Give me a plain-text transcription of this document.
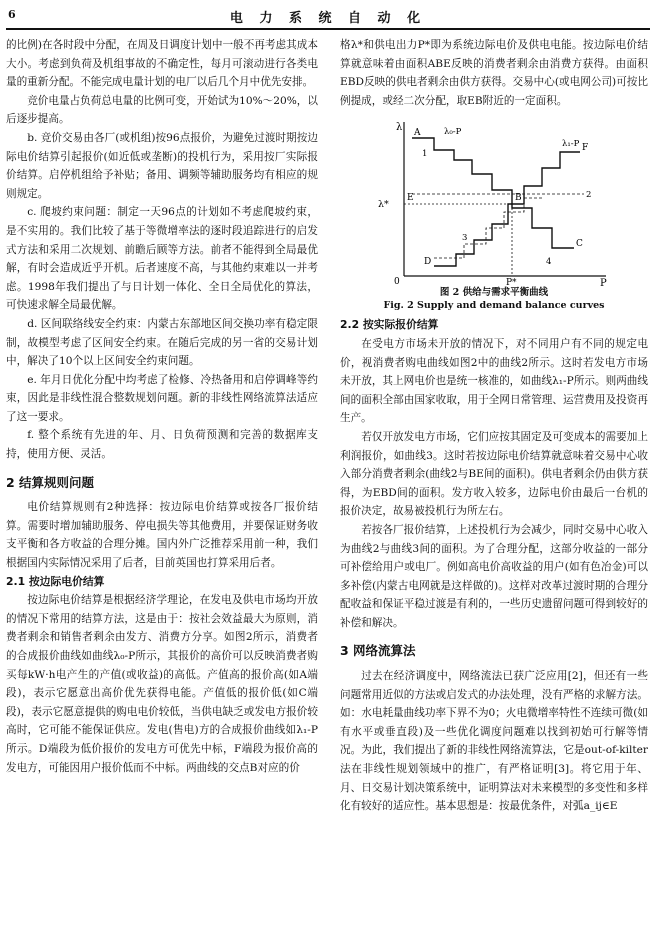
6	电 力 系 统 自 动 化

的比例)在各时段中分配，在周及日调度计划中一般不再考虑其成本大小。考虑到负荷及机组事故的不确定性，每月可滚动进行各类电量的重新分配。不能完成电量计划的电厂以后几个月中优先安排。

竞价电量占负荷总电量的比例可变，开始试为10%～20%，以后逐步提高。

b. 竞价交易由各厂(或机组)按96点报价，为避免过渡时期按边际电价结算引起报价(如近低或垄断)的投机行为，采用按厂实际报价结算。启停机组给予补贴；备用、调频等辅助服务均有相应的规则规定。

c. 爬坡约束问题：制定一天96点的计划如不考虑爬坡约束，是不实用的。我们比较了基于等微增率法的逐时段追踪进行的启发式方法和采用二次规划、前瞻后顾等方法。前者不能得到全局最优解，有时会造成近乎开机。后者速度不高，与其他约束难以一并考虑。1998年我们提出了与日计划一体化、全日全局优化的算法，可快速求解全局最优解。

d. 区间联络线安全约束：内蒙古东部地区间交换功率有稳定限制，故模型考虑了区间安全约束。在随后完成的另一省的交易计划中，解决了10个以上区间安全约束问题。

e. 年月日优化分配中均考虑了检修、冷热备用和启停调峰等约束，因此是非线性混合整数规划问题。新的非线性网络流算法适应了这一要求。

f. 整个系统有先进的年、月、日负荷预测和完善的数据库支持，使用方便、灵活。

2 结算规则问题

电价结算规则有2种选择：按边际电价结算或按各厂报价结算。需要时增加辅助服务、停电损失等其他费用，并要保证财务收支平衡和各方收益的合理分摊。国内外广泛推荐采用前一种，我们根据国内实际情况采用了后者，目前英国也打算采用后者。

2.1 按边际电价结算

按边际电价结算是根据经济学理论，在发电及供电市场均开放的情况下常用的结算方法，这是由于：按社会效益最大为原则，消费者剩余和销售者剩余由发方、消费方分享。如图2所示，消费者的合成报价曲线如曲线λ₀-P所示，其报价的高价可以反映消费者购买每kW·h电产生的产值(或收益)的高低。产值高的报价高(如A端段)，表示它愿意出高价优先获得电能。产值低的报价低(如C端段)，表示它愿意提供的购电电价较低，当供电缺乏或发电方报价较高时，它可能不能保证供应。发电(售电)方的合成报价曲线如λ₁-P所示。D端段为低价报价的发电方可优先中标，F端段为报价高的发电方，可能因用户报价低而不中标。两曲线的交点B对应的价

格λ*和供电出力P*即为系统边际电价及供电电能。按边际电价结算就意味着由面积ABE反映的消费者剩余由消费方获得。由面积EBD反映的供电者剩余由供方获得。交易中心(或电网公司)可按比例提成，或经二次分配，取EB附近的一定面积。

λ
P
0
λ*
P*
A
B
C
D
E
F
λ₀-P
λ₁-P
1
2
3
4
图 2 供给与需求平衡曲线
Fig. 2 Supply and demand balance curves
2.2 按实际报价结算

在受电方市场未开放的情况下，对不同用户有不同的规定电价，视消费者购电曲线如图2中的曲线2所示。这时若发电方市场未开放，其上网电价也是统一核准的，如曲线λ₁-P所示。则两曲线间的面积全部由国家收取，用于全网日常管理、运营费用及投资再生产。

若仅开放发电方市场，它们应按其固定及可变成本的需要加上利润报价，如曲线3。这时若按边际电价结算就意味着交易中心收入部分消费者剩余(曲线2与BE间的面积)。供电者剩余仍由供方获得，为EBD间的面积。发方收入较多，边际电价由最后一台机的报价决定，故易被投机行为所左右。

若按各厂报价结算，上述投机行为会减少，同时交易中心收入为曲线2与曲线3间的面积。为了合理分配，这部分收益的一部分可补偿给用户或电厂。例如高电价高收益的用户(如有色冶金)可以多补偿(内蒙古电网就是这样做的)。这样对改革过渡时期的合理分配收益和保证平稳过渡是有利的，一些历史遗留问题可得到较好的补偿和解决。

3 网络流算法

过去在经济调度中，网络流法已获广泛应用[2]，但还有一些问题常用近似的方法或启发式的办法处理，没有严格的求解方法。如：水电耗量曲线功率下界不为0；火电微增率特性不连续可微(如有水平或垂直段)及一些优化调度问题难以找到初始可行解等情况。为此，我们提出了新的非线性网络流算法，它是out-of-kilter法在非线性规划领域中的推广，有严格证明[3]。将它用于年、月、日交易计划决策系统中，证明算法对未来模型的多变性和多样化有较好的适应性。基本思想是：按最优条件，对弧a_ij∈E
